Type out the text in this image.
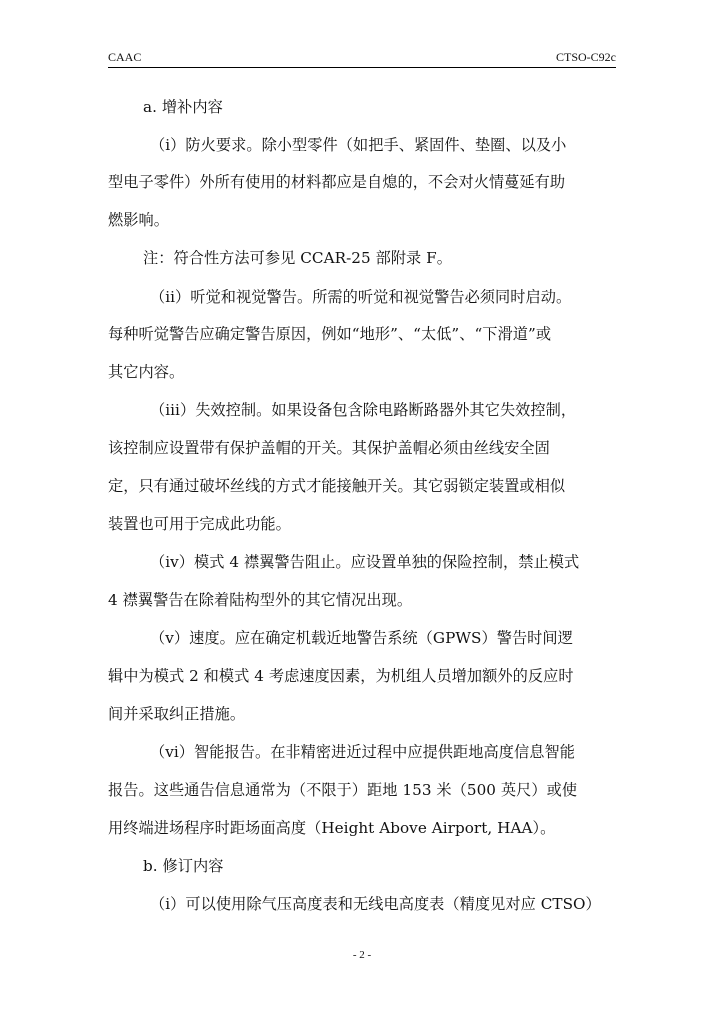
CAAC	CTSO-C92c
a. 增补内容
（i）防火要求。除小型零件（如把手、紧固件、垫圈、以及小
型电子零件）外所有使用的材料都应是自熄的，不会对火情蔓延有助
燃影响。
注：符合性方法可参见 CCAR-25 部附录 F。
（ii）听觉和视觉警告。所需的听觉和视觉警告必须同时启动。
每种听觉警告应确定警告原因，例如“地形”、“太低”、“下滑道”或
其它内容。
（iii）失效控制。如果设备包含除电路断路器外其它失效控制，
该控制应设置带有保护盖帽的开关。其保护盖帽必须由丝线安全固
定，只有通过破坏丝线的方式才能接触开关。其它弱锁定装置或相似
装置也可用于完成此功能。
（iv）模式 4 襟翼警告阻止。应设置单独的保险控制，禁止模式
4 襟翼警告在除着陆构型外的其它情况出现。
（v）速度。应在确定机载近地警告系统（GPWS）警告时间逻
辑中为模式 2 和模式 4 考虑速度因素，为机组人员增加额外的反应时
间并采取纠正措施。
（vi）智能报告。在非精密进近过程中应提供距地高度信息智能
报告。这些通告信息通常为（不限于）距地 153 米（500 英尺）或使
用终端进场程序时距场面高度（Height Above Airport, HAA）。
b. 修订内容
（i）可以使用除气压高度表和无线电高度表（精度见对应 CTSO）
- 2 -
